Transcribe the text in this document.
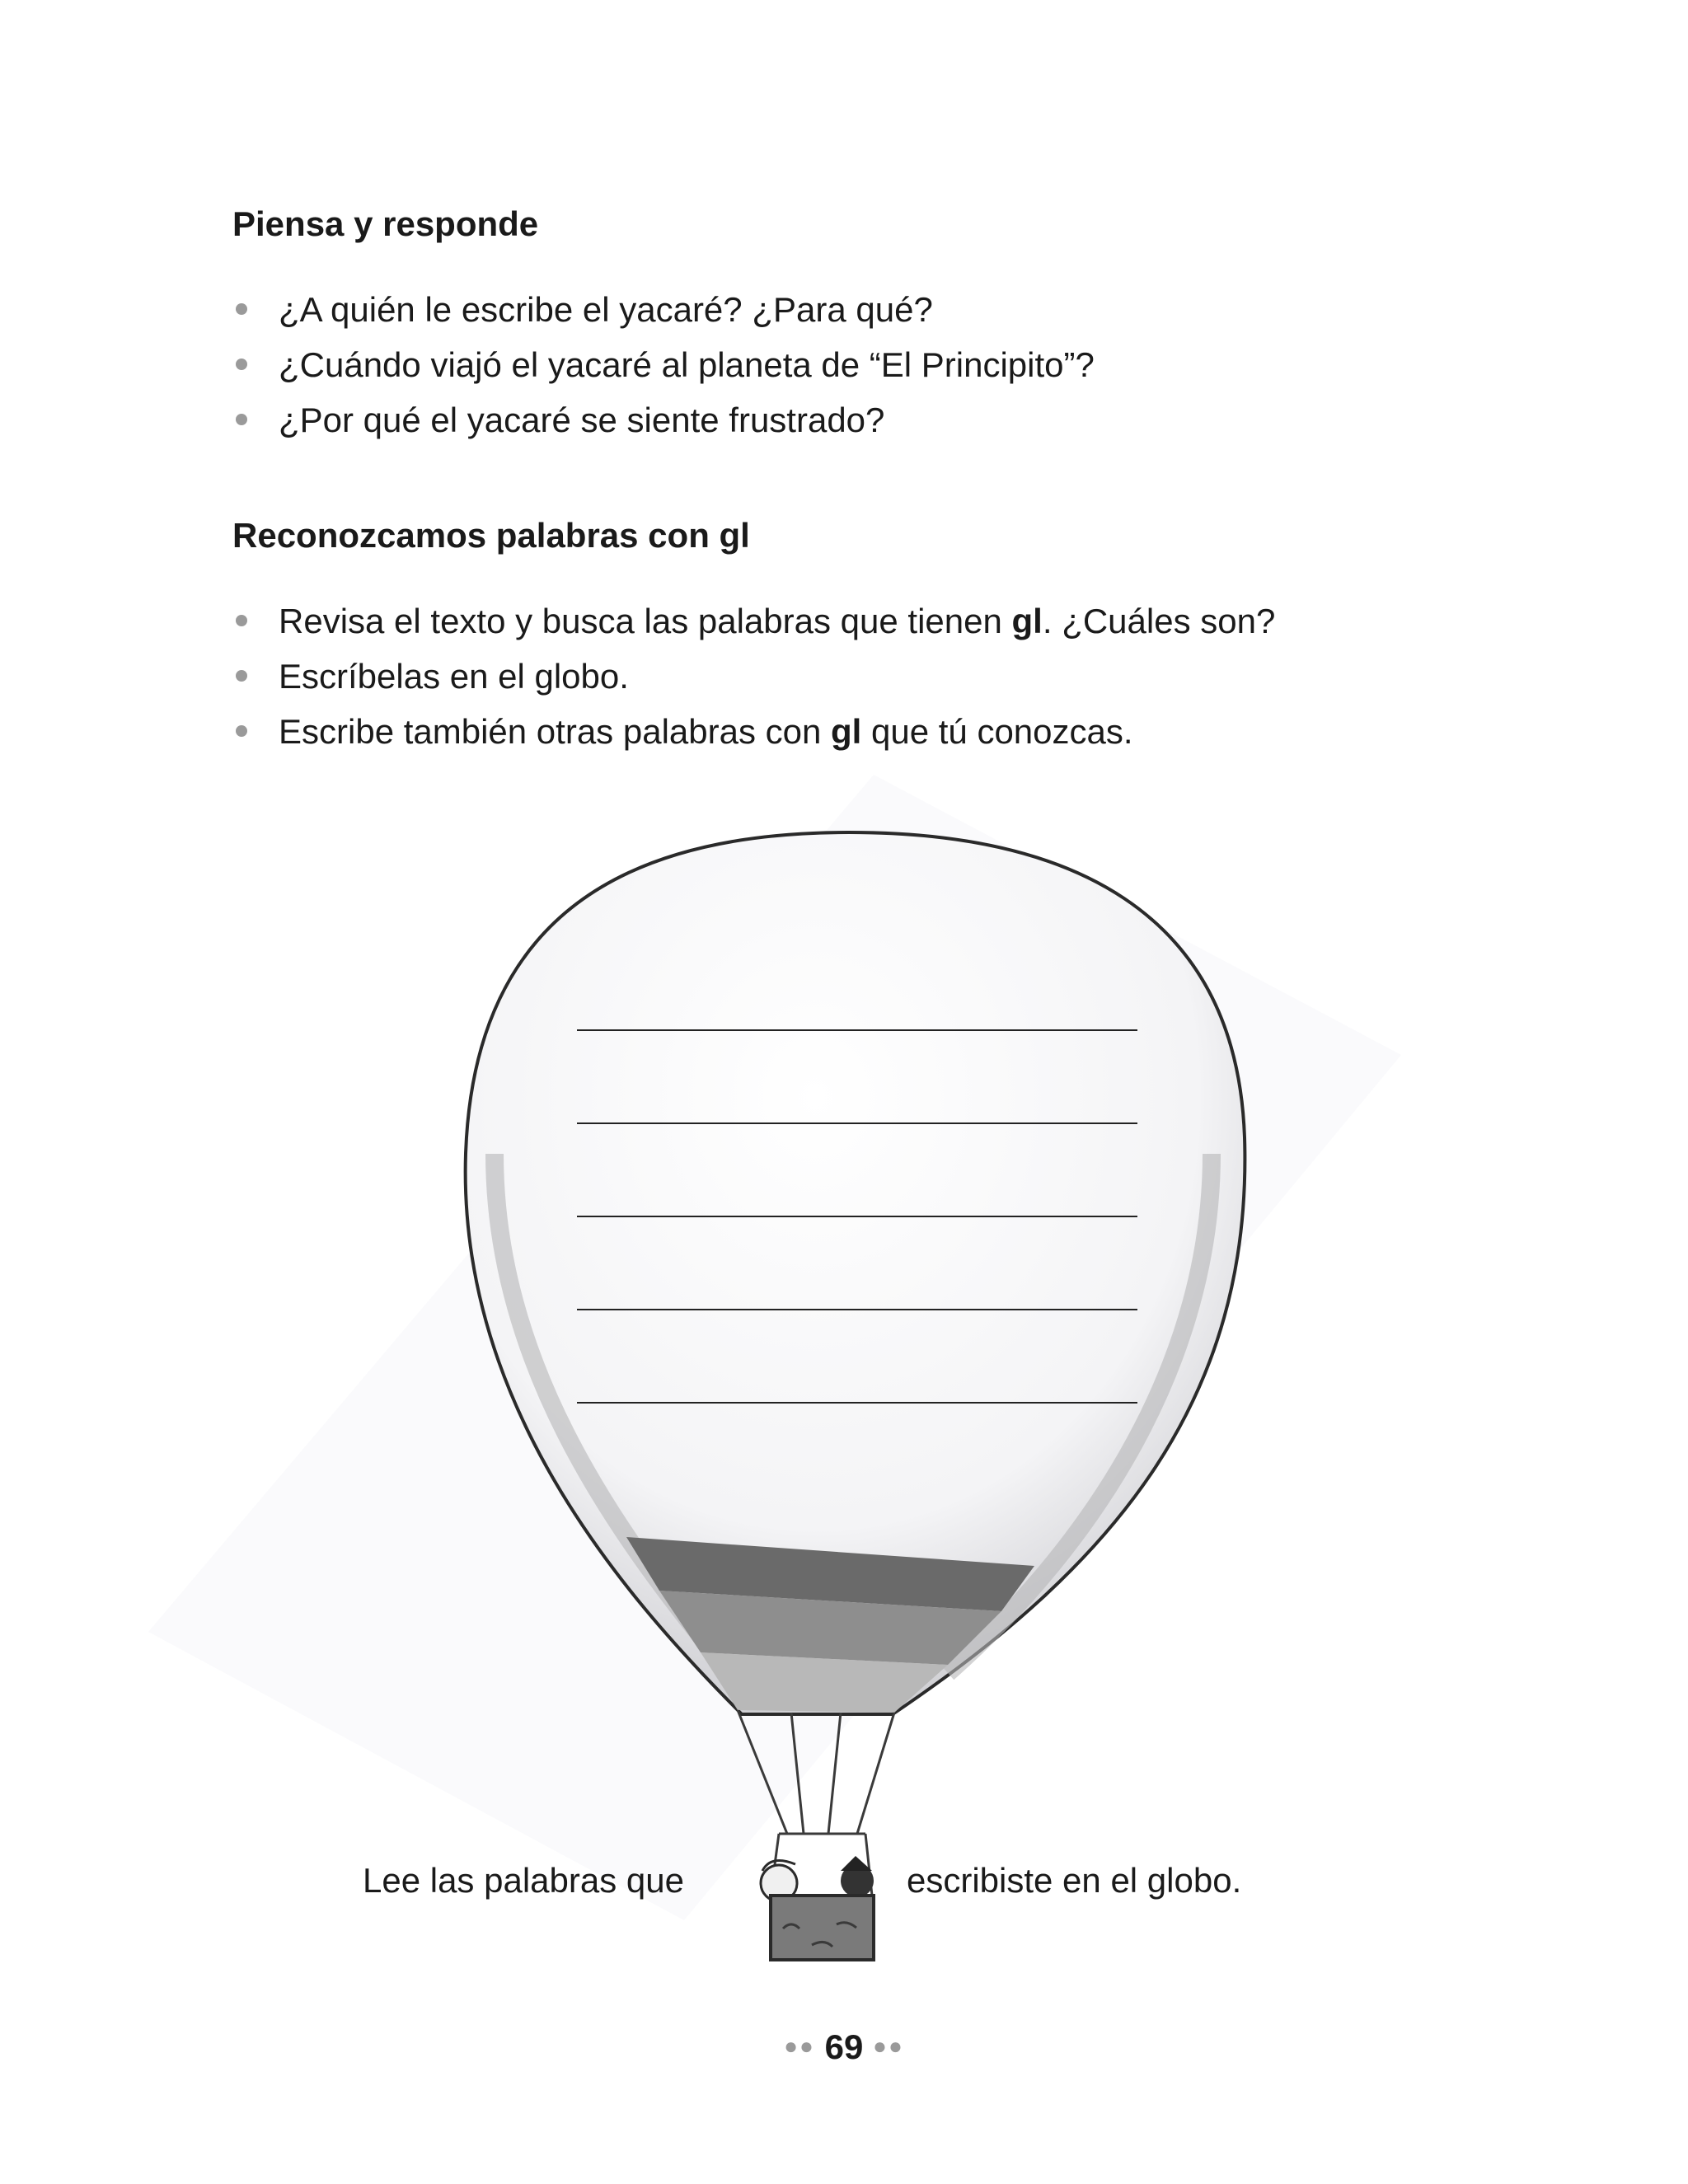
Piensa y responde
¿A quién le escribe el yacaré? ¿Para qué?
¿Cuándo viajó el yacaré al planeta de “El Principito”?
¿Por qué el yacaré se siente frustrado?
Reconozcamos palabras con gl
Revisa el texto y busca las palabras que tienen gl. ¿Cuáles son?
Escríbelas en el globo.
Escribe también otras palabras con gl que tú conozcas.
Lee las palabras que	escribiste en el globo.
●● 69 ●●
